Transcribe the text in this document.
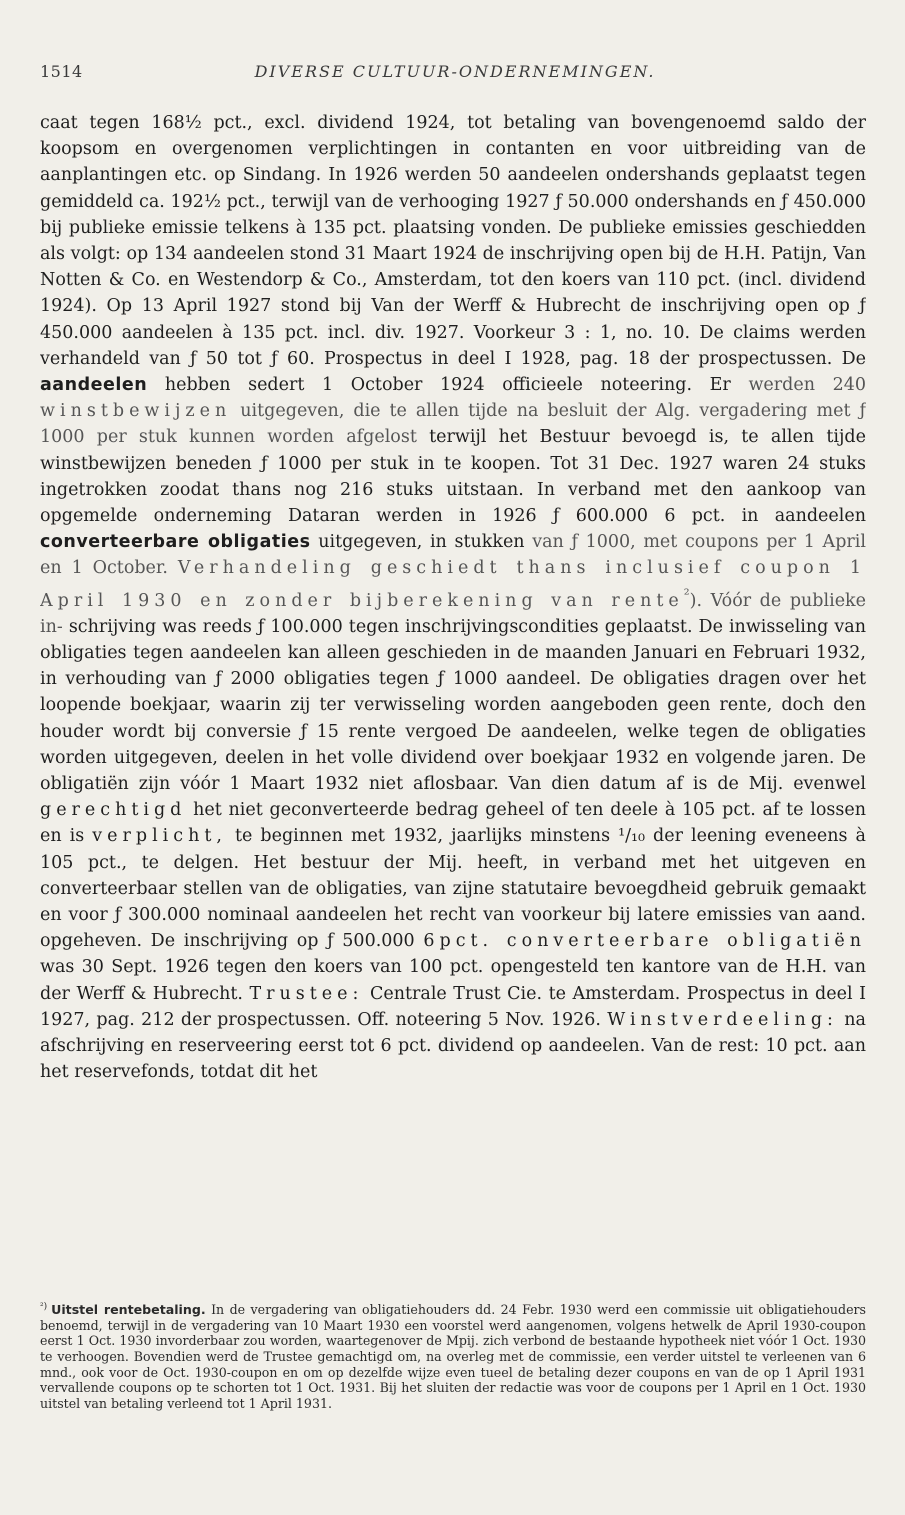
1514	DIVERSE CULTUUR-ONDERNEMINGEN.

caat tegen 168½ pct., excl. dividend 1924, tot betaling van bovengenoemd saldo der koopsom en overgenomen verplichtingen in contanten en voor uitbreiding van de aanplantingen etc. op Sindang. In 1926 werden 50 aandeelen ondershands geplaatst tegen gemiddeld ca. 192½ pct., terwijl van de verhooging 1927 ƒ 50.000 ondershands en ƒ 450.000 bij publieke emissie telkens à 135 pct. plaatsing vonden. De publieke emissies geschiedden als volgt: op 134 aandeelen stond 31 Maart 1924 de inschrijving open bij de H.H. Patijn, Van Notten & Co. en Westendorp & Co., Amsterdam, tot den koers van 110 pct. (incl. dividend 1924). Op 13 April 1927 stond bij Van der Werff & Hubrecht de inschrijving open op ƒ 450.000 aandeelen à 135 pct. incl. div. 1927. Voorkeur 3 : 1, no. 10. De claims werden verhandeld van ƒ 50 tot ƒ 60. Prospectus in deel I 1928, pag. 18 der prospectussen. De aandeelen hebben sedert 1 October 1924 officieele noteering. Er werden 240 winstbewijzen uitgegeven, die te allen tijde na besluit der Alg. vergadering met ƒ 1000 per stuk kunnen worden afgelost terwijl het Bestuur bevoegd is, te allen tijde winstbewijzen beneden ƒ 1000 per stuk in te koopen. Tot 31 Dec. 1927 waren 24 stuks ingetrokken zoodat thans nog 216 stuks uitstaan. In verband met den aankoop van opgemelde onderneming Dataran werden in 1926 ƒ 600.000 6 pct. in aandeelen converteerbare obligaties uitgegeven, in stukken van ƒ 1000, met coupons per 1 April en 1 October. Verhandeling geschiedt thans inclusief coupon 1 April 1930 en zonder bijberekening van rente$^{^2}$). Vóór de publieke in- schrijving was reeds ƒ 100.000 tegen inschrijvingscondities geplaatst. De inwisseling van obligaties tegen aandeelen kan alleen geschieden in de maanden Januari en Februari 1932, in verhouding van ƒ 2000 obligaties tegen ƒ 1000 aandeel. De obligaties dragen over het loopende boekjaar, waarin zij ter verwisseling worden aangeboden geen rente, doch den houder wordt bij conversie ƒ 15 rente vergoed De aandeelen, welke tegen de obligaties worden uitgegeven, deelen in het volle dividend over boekjaar 1932 en volgende jaren. De obligatiën zijn vóór 1 Maart 1932 niet aflosbaar. Van dien datum af is de Mij. evenwel gerechtigd het niet geconverteerde bedrag geheel of ten deele à 105 pct. af te lossen en is verplicht, te beginnen met 1932, jaarlijks minstens ¹/₁₀ der leening eveneens à 105 pct., te delgen. Het bestuur der Mij. heeft, in verband met het uitgeven en converteerbaar stellen van de obligaties, van zijne statutaire bevoegdheid gebruik gemaakt en voor ƒ 300.000 nominaal aandeelen het recht van voorkeur bij latere emissies van aand. opgeheven. De inschrijving op ƒ 500.000 6pct. converteerbare obligatiën was 30 Sept. 1926 tegen den koers van 100 pct. opengesteld ten kantore van de H.H. van der Werff & Hubrecht. Trustee: Centrale Trust Cie. te Amsterdam. Prospectus in deel I 1927, pag. 212 der prospectussen. Off. noteering 5 Nov. 1926. Winstverdeeling: na afschrijving en reserveering eerst tot 6 pct. dividend op aandeelen. Van de rest: 10 pct. aan het reservefonds, totdat dit het

$^{^2)}$ Uitstel rentebetaling. In de vergadering van obligatiehouders dd. 24 Febr. 1930 werd een commissie uit obligatiehouders benoemd, terwijl in de vergadering van 10 Maart 1930 een voorstel werd aangenomen, volgens hetwelk de April 1930-coupon eerst 1 Oct. 1930 invorderbaar zou worden, waartegenover de Mpij. zich verbond de bestaande hypotheek niet vóór 1 Oct. 1930 te verhoogen. Bovendien werd de Trustee gemachtigd om, na overleg met de commissie, een verder uitstel te verleenen van 6 mnd., ook voor de Oct. 1930-coupon en om op dezelfde wijze even tueel de betaling dezer coupons en van de op 1 April 1931 vervallende coupons op te schorten tot 1 Oct. 1931. Bij het sluiten der redactie was voor de coupons per 1 April en 1 Oct. 1930 uitstel van betaling verleend tot 1 April 1931.
